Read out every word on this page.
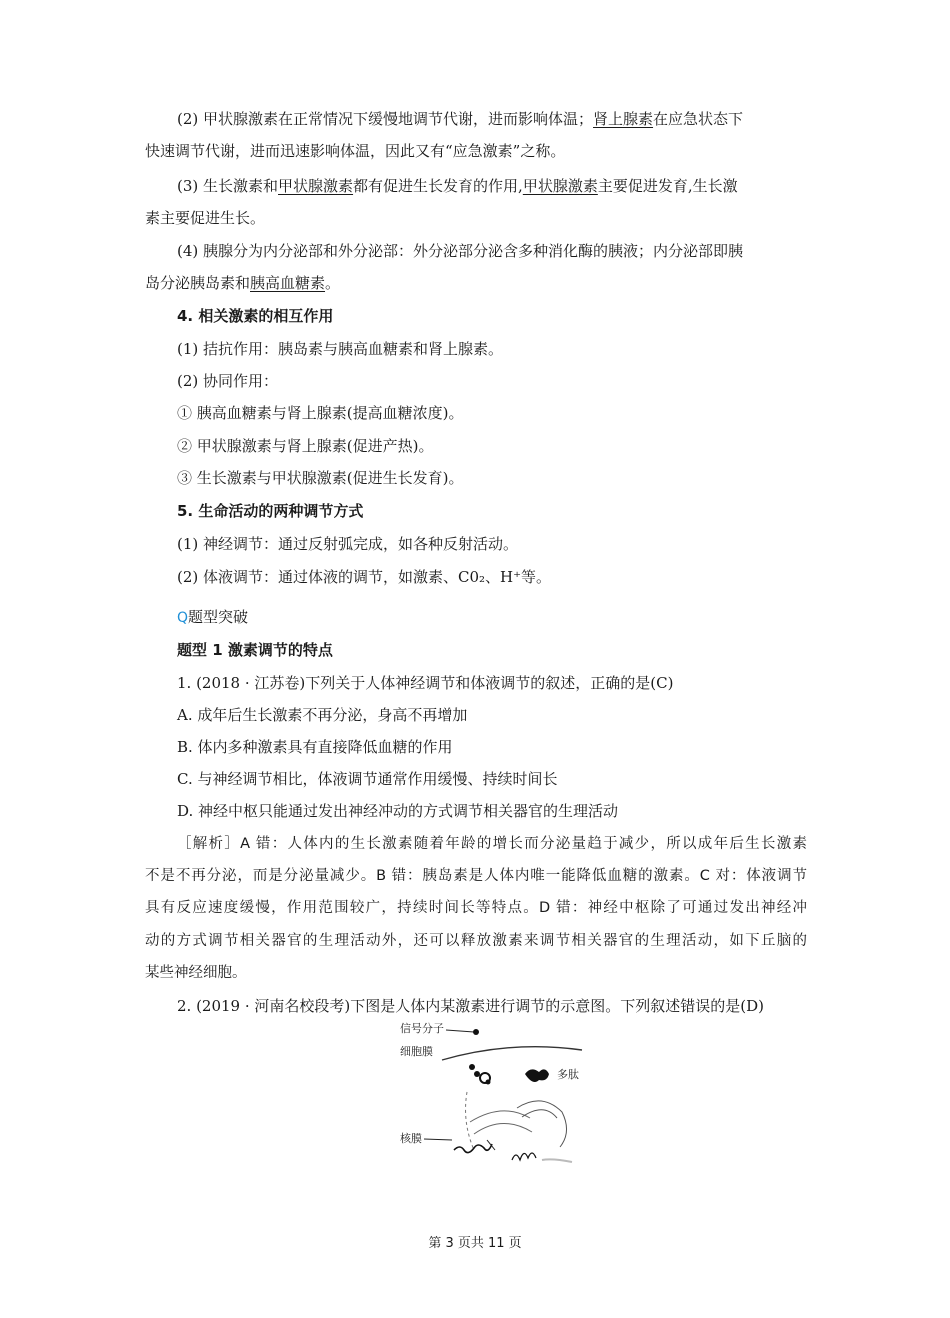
(2) 甲状腺激素在正常情况下缓慢地调节代谢，进而影响体温；肾上腺素在应急状态下
快速调节代谢，进而迅速影响体温，因此又有“应急激素”之称。
(3) 生长激素和甲状腺激素都有促进生长发育的作用,甲状腺激素主要促进发育,生长激
素主要促进生长。
(4) 胰腺分为内分泌部和外分泌部：外分泌部分泌含多种消化酶的胰液；内分泌部即胰
岛分泌胰岛素和胰高血糖素。
4. 相关激素的相互作用
(1) 拮抗作用：胰岛素与胰高血糖素和肾上腺素。
(2) 协同作用：
① 胰高血糖素与肾上腺素(提高血糖浓度)。
② 甲状腺激素与肾上腺素(促进产热)。
③ 生长激素与甲状腺激素(促进生长发育)。
5. 生命活动的两种调节方式
(1) 神经调节：通过反射弧完成，如各种反射活动。
(2) 体液调节：通过体液的调节，如激素、C0₂、H⁺等。
Q题型突破
题型 1 激素调节的特点
1. (2018 · 江苏卷)下列关于人体神经调节和体液调节的叙述，正确的是(C)
A. 成年后生长激素不再分泌，身高不再增加
B. 体内多种激素具有直接降低血糖的作用
C. 与神经调节相比，体液调节通常作用缓慢、持续时间长
D. 神经中枢只能通过发出神经冲动的方式调节相关器官的生理活动
［解析］A 错：人体内的生长激素随着年龄的增长而分泌量趋于减少，所以成年后生长激素
不是不再分泌，而是分泌量减少。B 错：胰岛素是人体内唯一能降低血糖的激素。C 对：体液调节
具有反应速度缓慢，作用范围较广，持续时间长等特点。D 错：神经中枢除了可通过发出神经冲
动的方式调节相关器官的生理活动外，还可以释放激素来调节相关器官的生理活动，如下丘脑的
某些神经细胞。
2. (2019 · 河南名校段考)下图是人体内某激素进行调节的示意图。下列叙述错误的是(D)
信号分子
细胞膜
多肽
核膜
第 3 页共 11 页
